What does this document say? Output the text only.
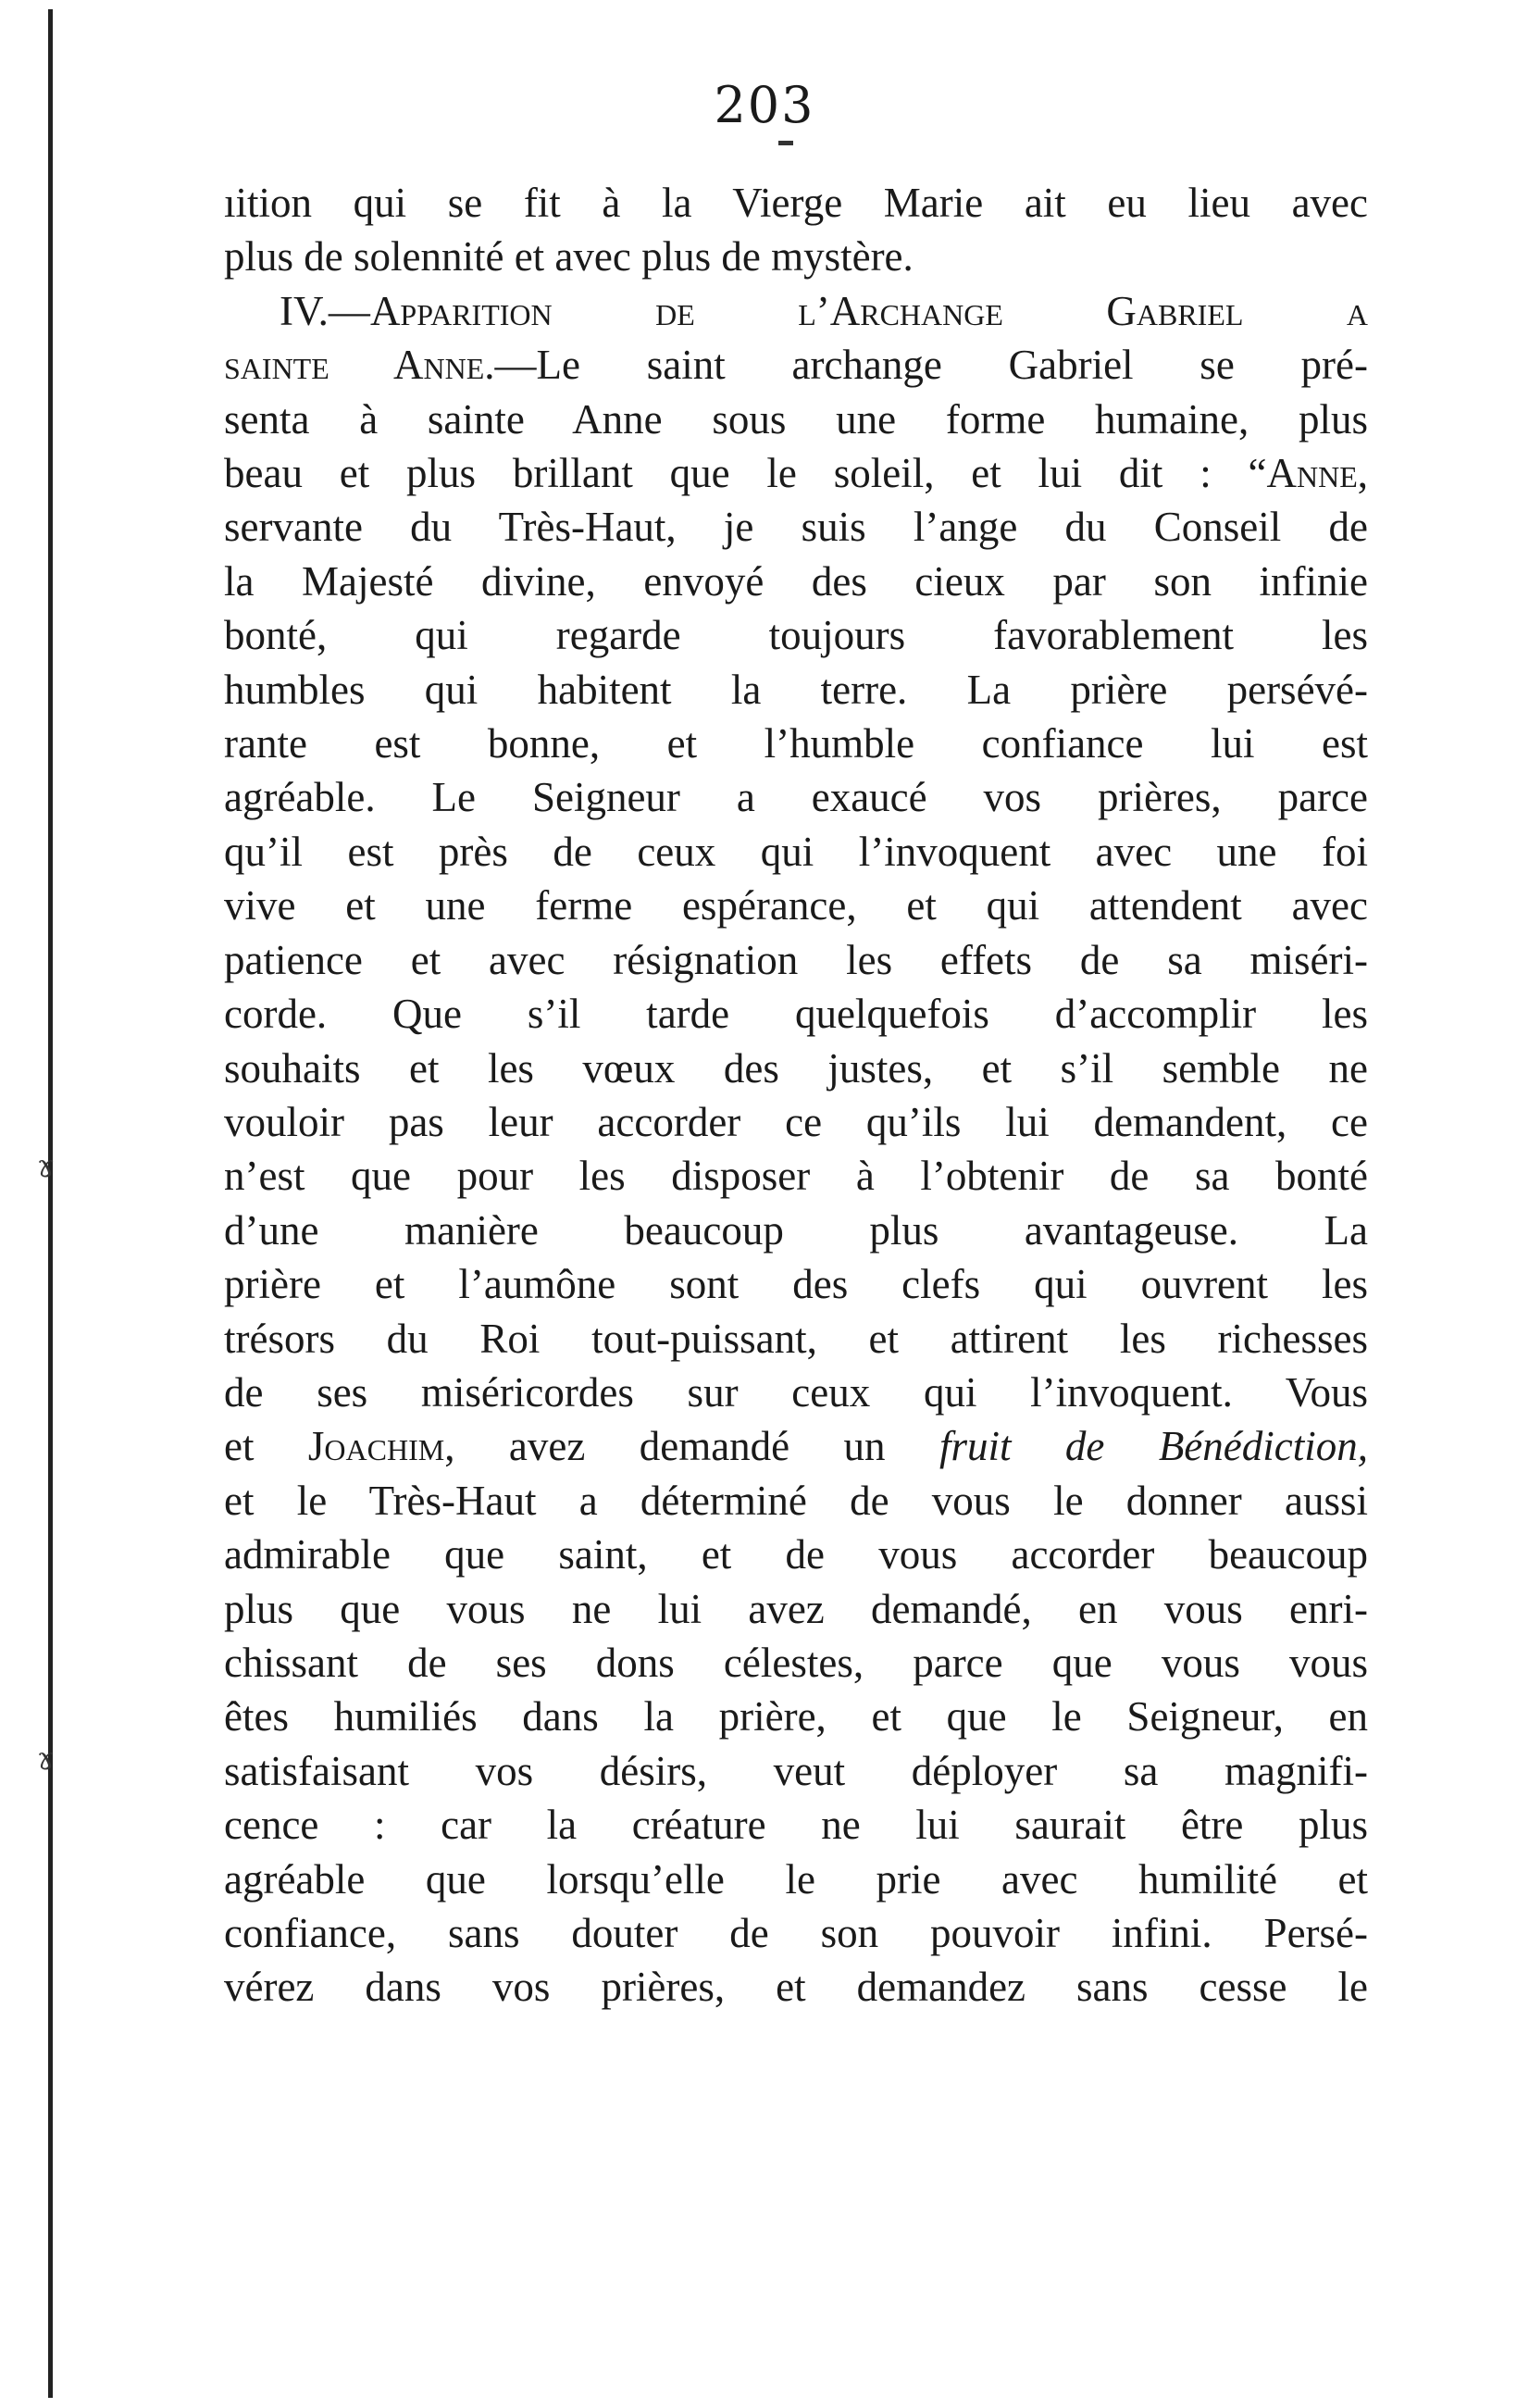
ɤ
ɤ
203
ıition qui se fit à la Vierge Marie ait eu lieu avec
plus de solennité et avec plus de mystère.
IV.—Apparition de l’Archange Gabriel a
sainte Anne.—Le saint archange Gabriel se pré-
senta à sainte Anne sous une forme humaine, plus
beau et plus brillant que le soleil, et lui dit : “Anne,
servante du Très-Haut, je suis l’ange du Conseil de
la Majesté divine, envoyé des cieux par son infinie
bonté, qui regarde toujours favorablement les
humbles qui habitent la terre. La prière persévé-
rante est bonne, et l’humble confiance lui est
agréable. Le Seigneur a exaucé vos prières, parce
qu’il est près de ceux qui l’invoquent avec une foi
vive et une ferme espérance, et qui attendent avec
patience et avec résignation les effets de sa miséri-
corde. Que s’il tarde quelquefois d’accomplir les
souhaits et les vœux des justes, et s’il semble ne
vouloir pas leur accorder ce qu’ils lui demandent, ce
n’est que pour les disposer à l’obtenir de sa bonté
d’une manière beaucoup plus avantageuse. La
prière et l’aumône sont des clefs qui ouvrent les
trésors du Roi tout-puissant, et attirent les richesses
de ses miséricordes sur ceux qui l’invoquent. Vous
et Joachim, avez demandé un fruit de Bénédiction,
et le Très-Haut a déterminé de vous le donner aussi
admirable que saint, et de vous accorder beaucoup
plus que vous ne lui avez demandé, en vous enri-
chissant de ses dons célestes, parce que vous vous
êtes humiliés dans la prière, et que le Seigneur, en
satisfaisant vos désirs, veut déployer sa magnifi-
cence : car la créature ne lui saurait être plus
agréable que lorsqu’elle le prie avec humilité et
confiance, sans douter de son pouvoir infini. Persé-
vérez dans vos prières, et demandez sans cesse le
